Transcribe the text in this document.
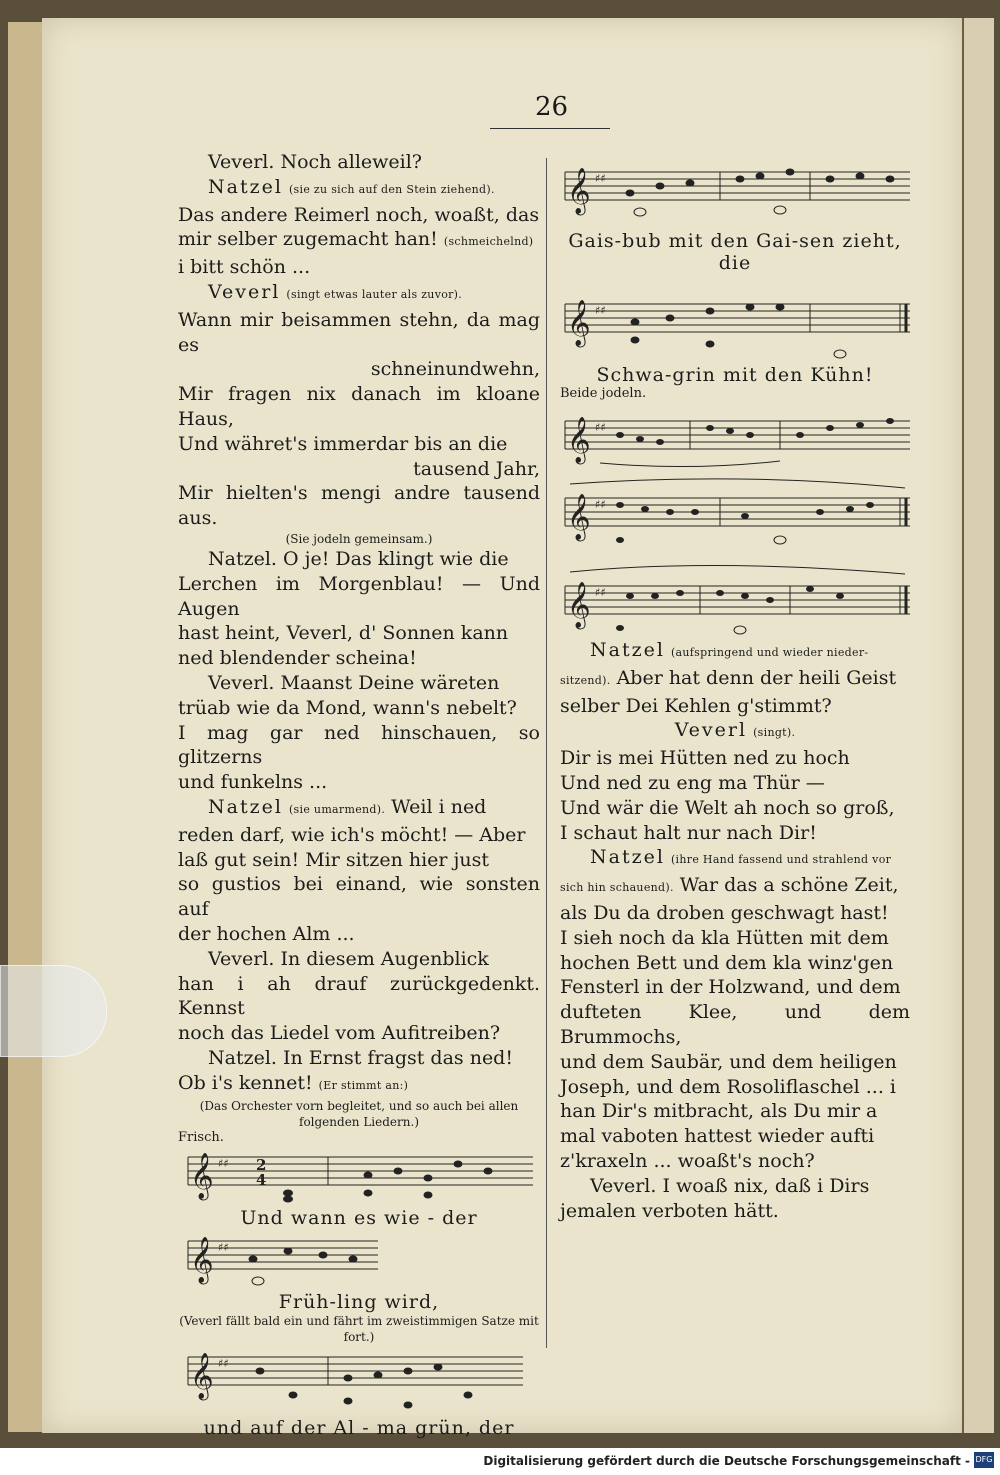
26

Veverl. Noch alleweil?

Natzel (sie zu sich auf den Stein ziehend).

Das andere Reimerl noch, woaßt, das

mir selber zugemacht han! (schmeichelnd)

i bitt schön ...

Veverl (singt etwas lauter als zuvor).

Wann mir beisammen stehn, da mag es

schneinundwehn,

Mir fragen nix danach im kloane Haus,

Und währet's immerdar bis an die

tausend Jahr,

Mir hielten's mengi andre tausend aus.

(Sie jodeln gemeinsam.)

Natzel. O je! Das klingt wie die

Lerchen im Morgenblau! — Und Augen

hast heint, Veverl, d' Sonnen kann

ned blendender scheina!

Veverl. Maanst Deine wäreten

trüab wie da Mond, wann's nebelt?

I mag gar ned hinschauen, so glitzerns

und funkelns ...

Natzel (sie umarmend). Weil i ned

reden darf, wie ich's möcht! — Aber

laß gut sein! Mir sitzen hier just

so gustios bei einand, wie sonsten auf

der hochen Alm ...

Veverl. In diesem Augenblick

han i ah drauf zurückgedenkt. Kennst

noch das Liedel vom Aufitreiben?

Natzel. In Ernst fragst das ned!

Ob i's kennet! (Er stimmt an:)

(Das Orchester vorn begleitet, und so auch bei allen folgenden Liedern.)

Frisch.

𝄞 ♯♯ 2
4

Und wann es wie - der

𝄞 ♯♯

Früh-ling wird,

(Veverl fällt bald ein und fährt im zweistimmigen Satze mit fort.)

𝄞 ♯♯

und auf der Al - ma grün, der

𝄞 ♯♯

Gais-bub mit den Gai-sen zieht, die

𝄞 ♯♯

Schwa-grin mit den Kühn!

Beide jodeln.

𝄞 ♯♯
𝄞 ♯♯
𝄞 ♯♯

Natzel (aufspringend und wieder nieder-

sitzend). Aber hat denn der heili Geist

selber Dei Kehlen g'stimmt?

Veverl (singt).

Dir is mei Hütten ned zu hoch

Und ned zu eng ma Thür —

Und wär die Welt ah noch so groß,

I schaut halt nur nach Dir!

Natzel (ihre Hand fassend und strahlend vor

sich hin schauend). War das a schöne Zeit,

als Du da droben geschwagt hast!

I sieh noch da kla Hütten mit dem

hochen Bett und dem kla winz'gen

Fensterl in der Holzwand, und dem

dufteten Klee, und dem Brummochs,

und dem Saubär, und dem heiligen

Joseph, und dem Rosoliflaschel ... i

han Dir's mitbracht, als Du mir a

mal vaboten hattest wieder aufti

z'kraxeln ... woaßt's noch?

Veverl. I woaß nix, daß i Dirs

jemalen verboten hätt.

Digitalisierung gefördert durch die Deutsche Forschungsgemeinschaft - DFG
